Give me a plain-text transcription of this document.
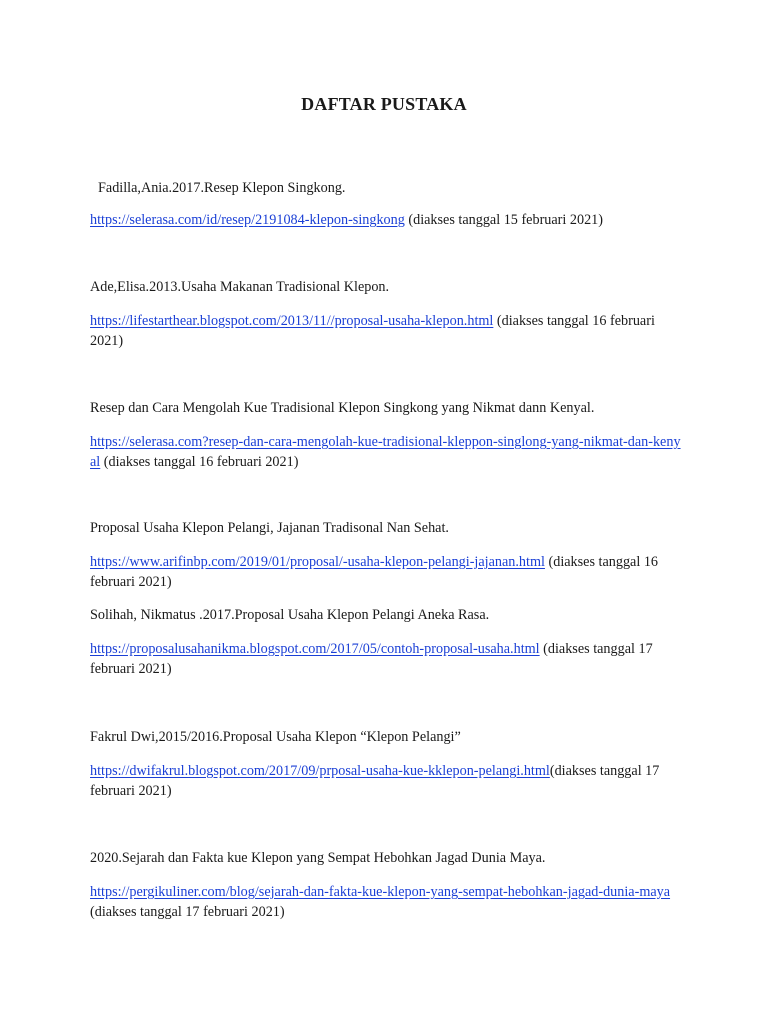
DAFTAR PUSTAKA
Fadilla,Ania.2017.Resep Klepon Singkong.
https://selerasa.com/id/resep/2191084-klepon-singkong (diakses tanggal 15 februari 2021)
Ade,Elisa.2013.Usaha Makanan Tradisional Klepon.
https://lifestarthear.blogspot.com/2013/11//proposal-usaha-klepon.html (diakses tanggal 16 februari 2021)
Resep dan Cara Mengolah Kue Tradisional Klepon Singkong yang Nikmat dann Kenyal.
https://selerasa.com?resep-dan-cara-mengolah-kue-tradisional-kleppon-singlong-yang-nikmat-dan-kenyal (diakses tanggal 16 februari 2021)
Proposal Usaha Klepon Pelangi, Jajanan Tradisonal Nan Sehat.
https://www.arifinbp.com/2019/01/proposal/-usaha-klepon-pelangi-jajanan.html (diakses tanggal 16 februari 2021)
Solihah, Nikmatus .2017.Proposal Usaha Klepon Pelangi Aneka Rasa.
https://proposalusahanikma.blogspot.com/2017/05/contoh-proposal-usaha.html (diakses tanggal 17 februari 2021)
Fakrul Dwi,2015/2016.Proposal Usaha Klepon “Klepon Pelangi”
https://dwifakrul.blogspot.com/2017/09/prposal-usaha-kue-kklepon-pelangi.html(diakses tanggal 17 februari 2021)
2020.Sejarah dan Fakta kue Klepon yang Sempat Hebohkan Jagad Dunia Maya.
https://pergikuliner.com/blog/sejarah-dan-fakta-kue-klepon-yang-sempat-hebohkan-jagad-dunia-maya (diakses tanggal 17 februari 2021)
